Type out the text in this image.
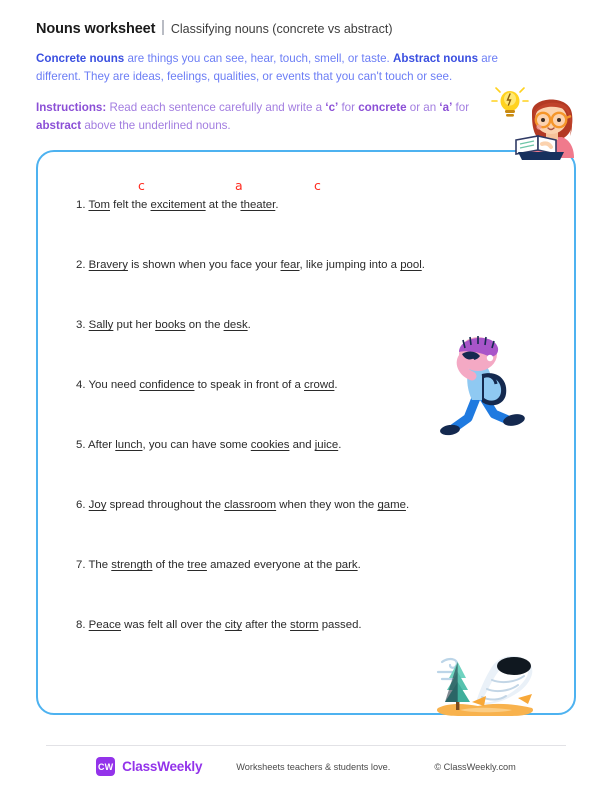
Nouns worksheet Classifying nouns (concrete vs abstract)
Concrete nouns are things you can see, hear, touch, smell, or taste. Abstract nouns are different. They are ideas, feelings, qualities, or events that you can't touch or see.
Instructions: Read each sentence carefully and write a ‘c’ for concrete or an ‘a’ for abstract above the underlined nouns.
c	a	c
1. Tom felt the excitement at the theater.
2. Bravery is shown when you face your fear, like jumping into a pool.
3. Sally put her books on the desk.
4. You need confidence to speak in front of a crowd.
5. After lunch, you can have some cookies and juice.
6. Joy spread throughout the classroom when they won the game.
7. The strength of the tree amazed everyone at the park.
8. Peace was felt all over the city after the storm passed.
CW ClassWeekly	Worksheets teachers & students love.	© ClassWeekly.com
